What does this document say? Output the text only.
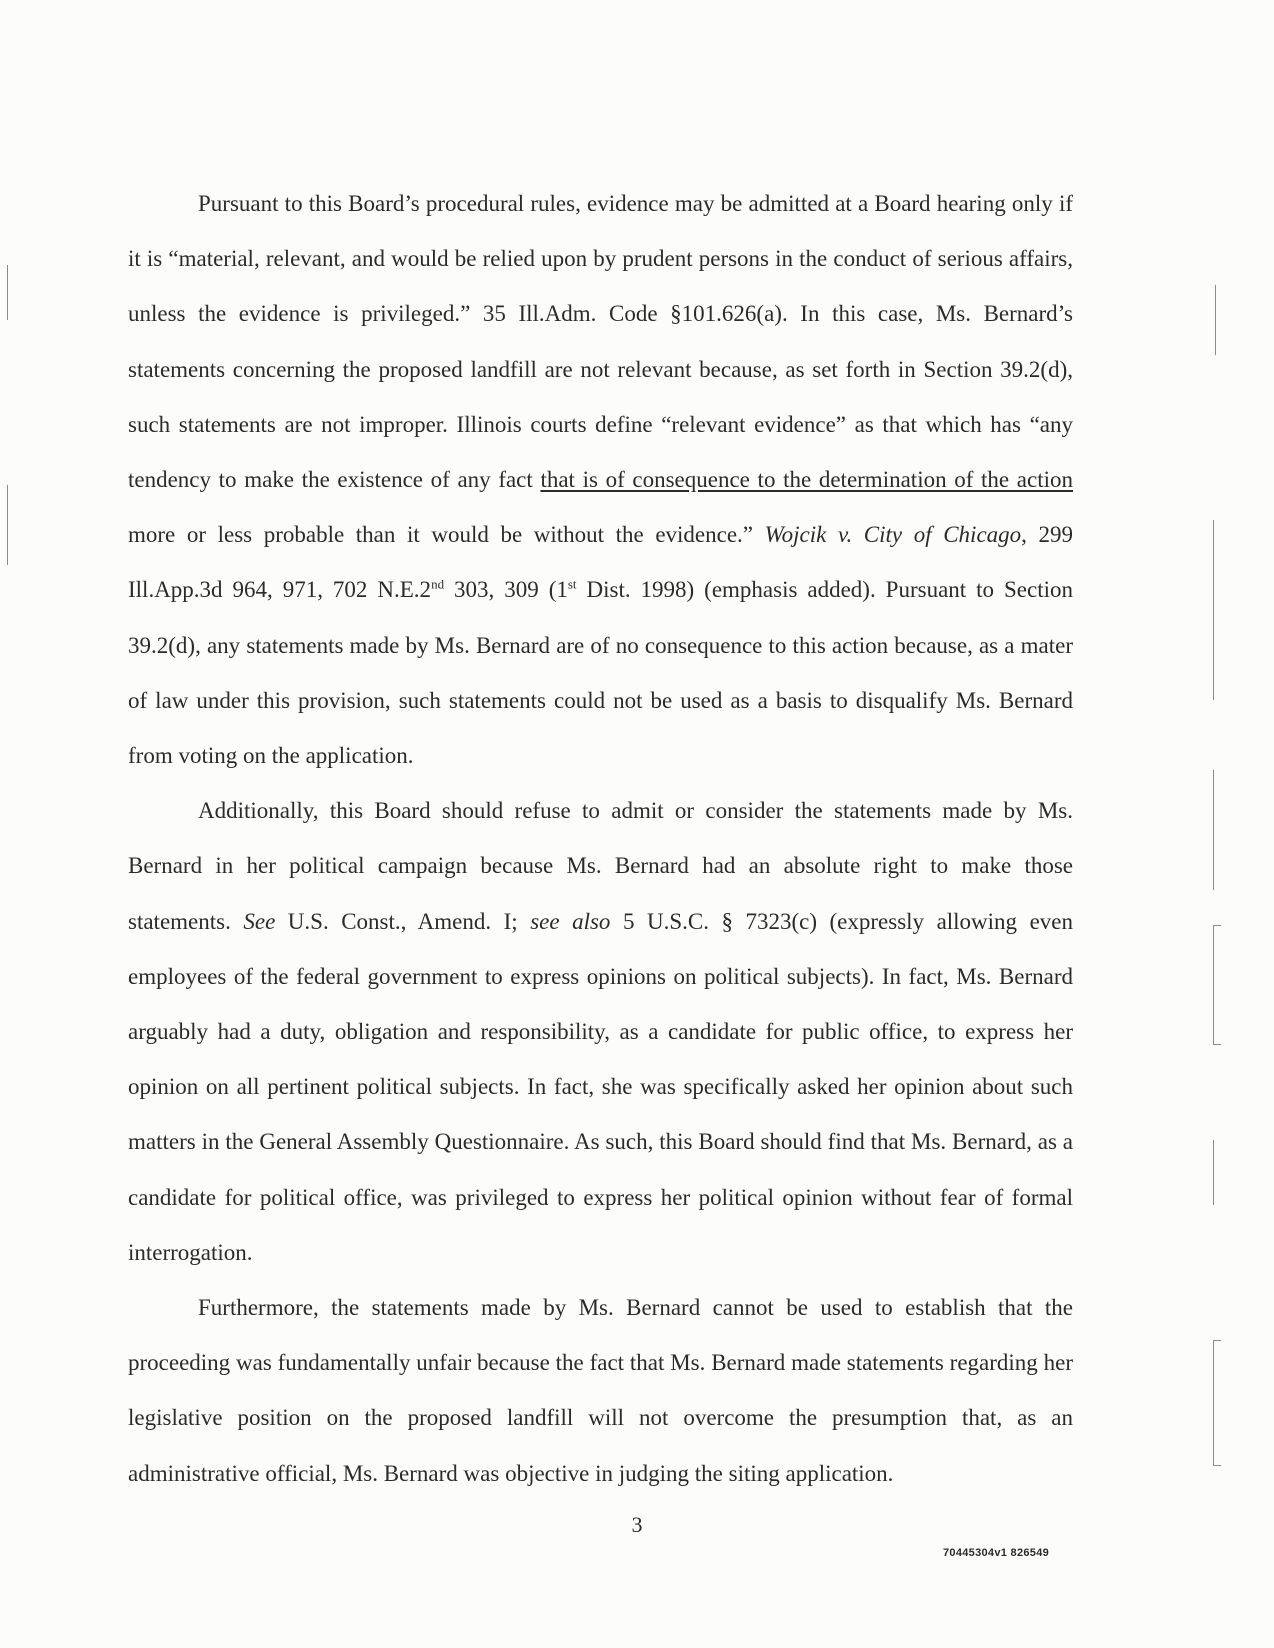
Pursuant to this Board’s procedural rules, evidence may be admitted at a Board hearing only if it is “material, relevant, and would be relied upon by prudent persons in the conduct of serious affairs, unless the evidence is privileged.” 35 Ill.Adm. Code §101.626(a). In this case, Ms. Bernard’s statements concerning the proposed landfill are not relevant because, as set forth in Section 39.2(d), such statements are not improper. Illinois courts define “relevant evidence” as that which has “any tendency to make the existence of any fact that is of consequence to the determination of the action more or less probable than it would be without the evidence.” Wojcik v. City of Chicago, 299 Ill.App.3d 964, 971, 702 N.E.2nd 303, 309 (1st Dist. 1998) (emphasis added). Pursuant to Section 39.2(d), any statements made by Ms. Bernard are of no consequence to this action because, as a mater of law under this provision, such statements could not be used as a basis to disqualify Ms. Bernard from voting on the application.

Additionally, this Board should refuse to admit or consider the statements made by Ms. Bernard in her political campaign because Ms. Bernard had an absolute right to make those statements. See U.S. Const., Amend. I; see also 5 U.S.C. § 7323(c) (expressly allowing even employees of the federal government to express opinions on political subjects). In fact, Ms. Bernard arguably had a duty, obligation and responsibility, as a candidate for public office, to express her opinion on all pertinent political subjects. In fact, she was specifically asked her opinion about such matters in the General Assembly Questionnaire. As such, this Board should find that Ms. Bernard, as a candidate for political office, was privileged to express her political opinion without fear of formal interrogation.

Furthermore, the statements made by Ms. Bernard cannot be used to establish that the proceeding was fundamentally unfair because the fact that Ms. Bernard made statements regarding her legislative position on the proposed landfill will not overcome the presumption that, as an administrative official, Ms. Bernard was objective in judging the siting application.

3
70445304v1 826549
